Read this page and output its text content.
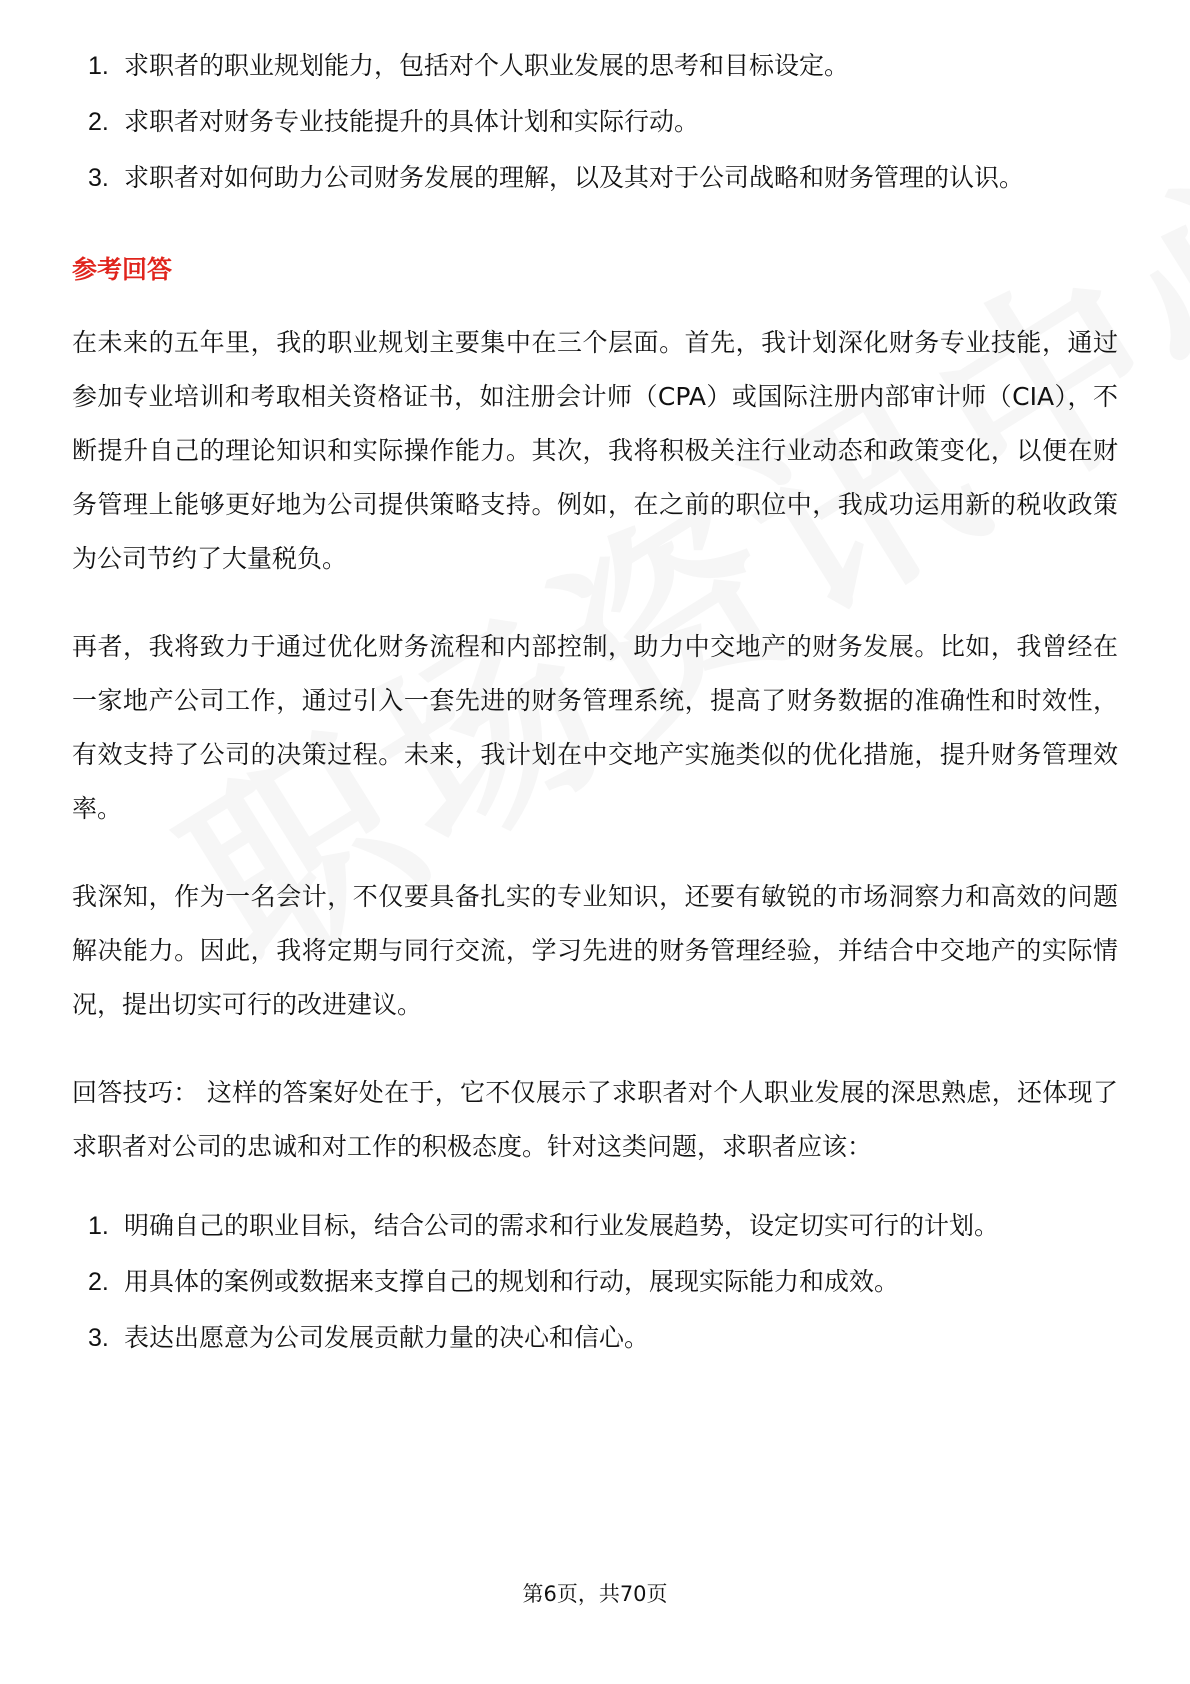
1. 求职者的职业规划能力，包括对个人职业发展的思考和目标设定。
2. 求职者对财务专业技能提升的具体计划和实际行动。
3. 求职者对如何助力公司财务发展的理解，以及其对于公司战略和财务管理的认识。
参考回答

在未来的五年里，我的职业规划主要集中在三个层面。首先，我计划深化财务专业技能，通过参加专业培训和考取相关资格证书，如注册会计师（CPA）或国际注册内部审计师（CIA），不断提升自己的理论知识和实际操作能力。其次，我将积极关注行业动态和政策变化，以便在财务管理上能够更好地为公司提供策略支持。例如，在之前的职位中，我成功运用新的税收政策为公司节约了大量税负。

再者，我将致力于通过优化财务流程和内部控制，助力中交地产的财务发展。比如，我曾经在一家地产公司工作，通过引入一套先进的财务管理系统，提高了财务数据的准确性和时效性，有效支持了公司的决策过程。未来，我计划在中交地产实施类似的优化措施，提升财务管理效率。

我深知，作为一名会计，不仅要具备扎实的专业知识，还要有敏锐的市场洞察力和高效的问题解决能力。因此，我将定期与同行交流，学习先进的财务管理经验，并结合中交地产的实际情况，提出切实可行的改进建议。

回答技巧： 这样的答案好处在于，它不仅展示了求职者对个人职业发展的深思熟虑，还体现了求职者对公司的忠诚和对工作的积极态度。针对这类问题，求职者应该：

1. 明确自己的职业目标，结合公司的需求和行业发展趋势，设定切实可行的计划。
2. 用具体的案例或数据来支撑自己的规划和行动，展现实际能力和成效。
3. 表达出愿意为公司发展贡献力量的决心和信心。
第6页，共70页
